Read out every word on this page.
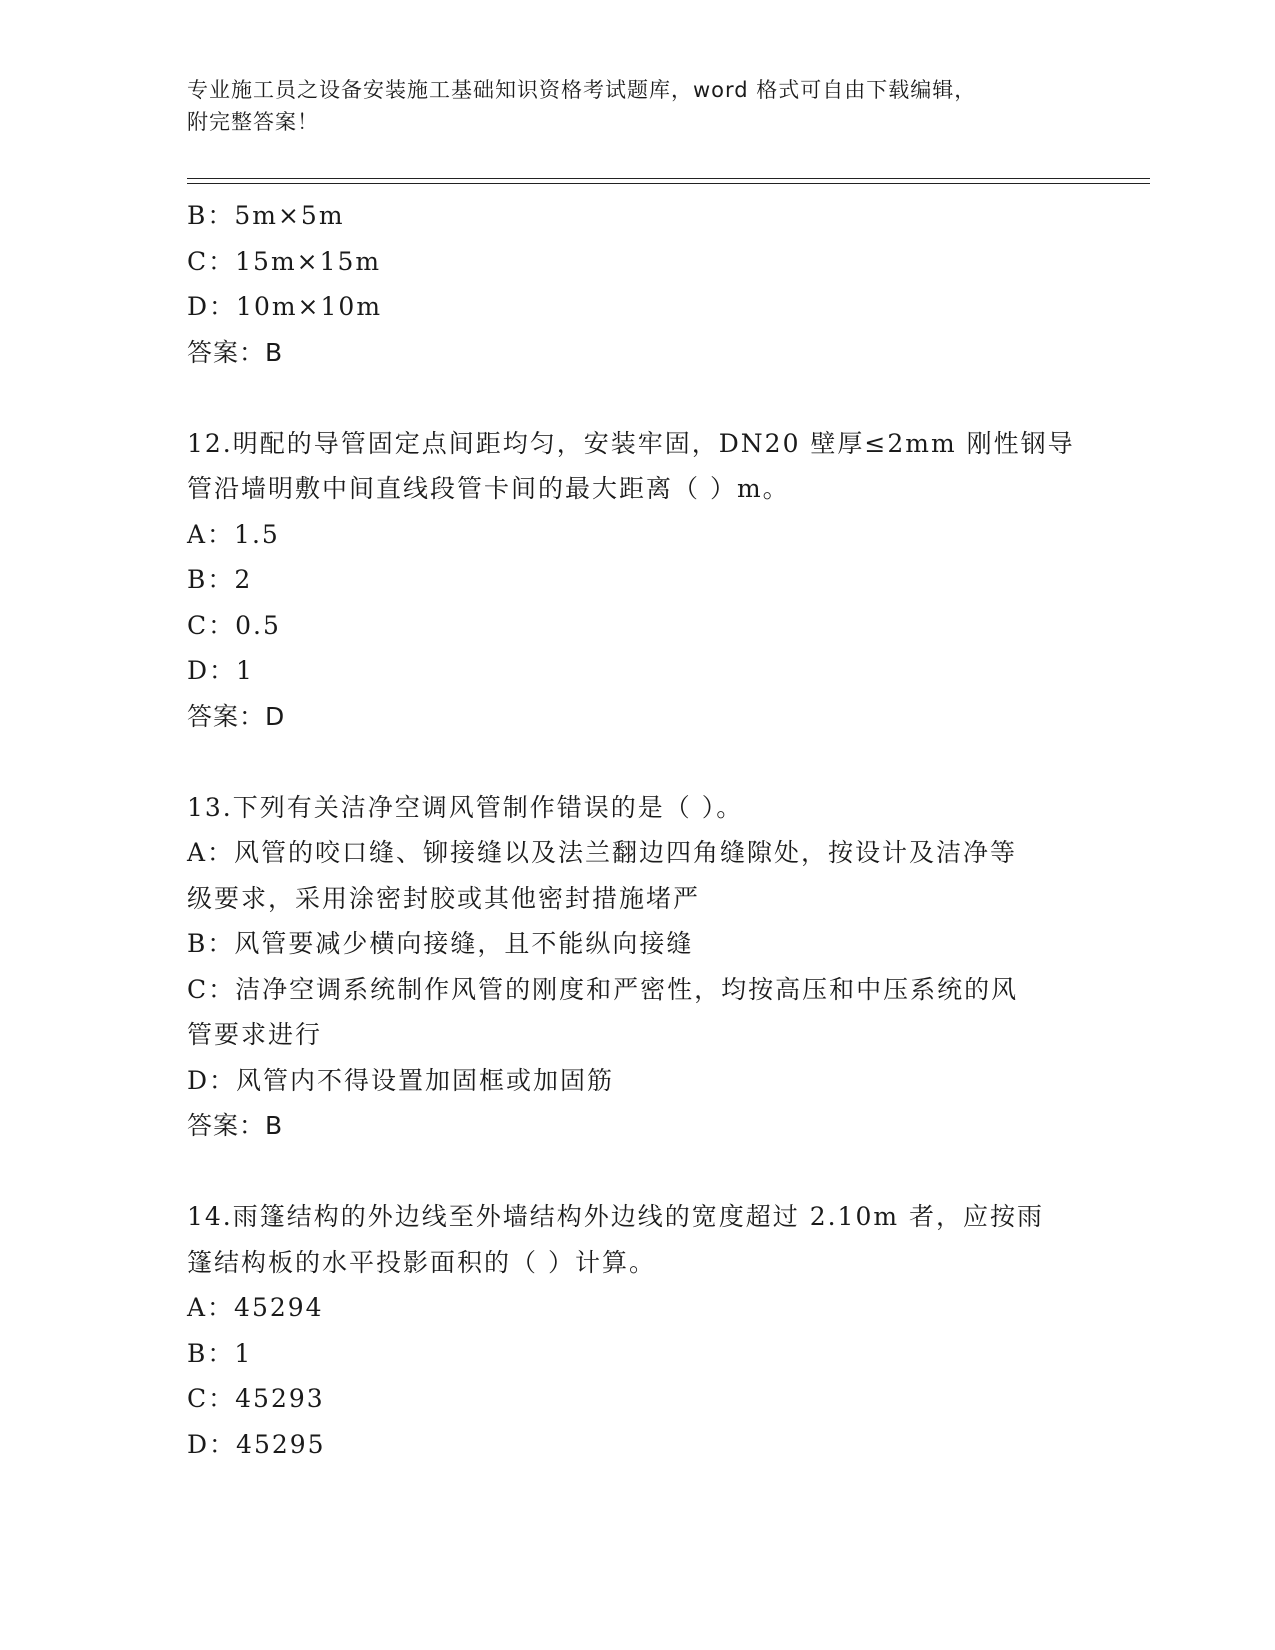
专业施工员之设备安装施工基础知识资格考试题库，word 格式可自由下载编辑，
附完整答案！
B：5m×5m
C：15m×15m
D：10m×10m
答案：B
12.明配的导管固定点间距均匀，安装牢固，DN20 壁厚≤2mm 刚性钢导
管沿墙明敷中间直线段管卡间的最大距离（ ）m。
A：1.5
B：2
C：0.5
D：1
答案：D
13.下列有关洁净空调风管制作错误的是（ ）。
A：风管的咬口缝、铆接缝以及法兰翻边四角缝隙处，按设计及洁净等
级要求，采用涂密封胶或其他密封措施堵严
B：风管要减少横向接缝，且不能纵向接缝
C：洁净空调系统制作风管的刚度和严密性，均按高压和中压系统的风
管要求进行
D：风管内不得设置加固框或加固筋
答案：B
14.雨篷结构的外边线至外墙结构外边线的宽度超过 2.10m 者，应按雨
篷结构板的水平投影面积的（ ）计算。
A：45294
B：1
C：45293
D：45295
